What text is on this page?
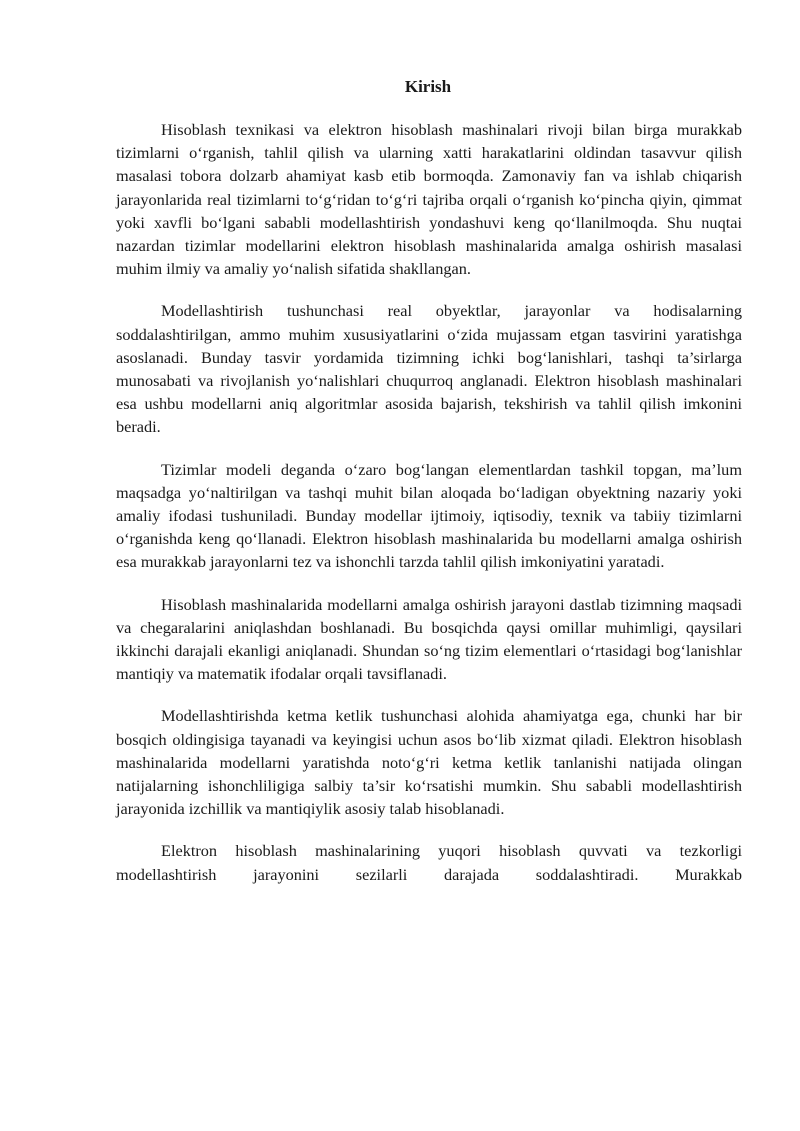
Kirish

Hisoblash texnikasi va elektron hisoblash mashinalari rivoji bilan birga murakkab tizimlarni o‘rganish, tahlil qilish va ularning xatti harakatlarini oldindan tasavvur qilish masalasi tobora dolzarb ahamiyat kasb etib bormoqda. Zamonaviy fan va ishlab chiqarish jarayonlarida real tizimlarni to‘g‘ridan to‘g‘ri tajriba orqali o‘rganish ko‘pincha qiyin, qimmat yoki xavfli bo‘lgani sababli modellashtirish yondashuvi keng qo‘llanilmoqda. Shu nuqtai nazardan tizimlar modellarini elektron hisoblash mashinalarida amalga oshirish masalasi muhim ilmiy va amaliy yo‘nalish sifatida shakllangan.

Modellashtirish tushunchasi real obyektlar, jarayonlar va hodisalarning soddalashtirilgan, ammo muhim xususiyatlarini o‘zida mujassam etgan tasvirini yaratishga asoslanadi. Bunday tasvir yordamida tizimning ichki bog‘lanishlari, tashqi ta’sirlarga munosabati va rivojlanish yo‘nalishlari chuqurroq anglanadi. Elektron hisoblash mashinalari esa ushbu modellarni aniq algoritmlar asosida bajarish, tekshirish va tahlil qilish imkonini beradi.

Tizimlar modeli deganda o‘zaro bog‘langan elementlardan tashkil topgan, ma’lum maqsadga yo‘naltirilgan va tashqi muhit bilan aloqada bo‘ladigan obyektning nazariy yoki amaliy ifodasi tushuniladi. Bunday modellar ijtimoiy, iqtisodiy, texnik va tabiiy tizimlarni o‘rganishda keng qo‘llanadi. Elektron hisoblash mashinalarida bu modellarni amalga oshirish esa murakkab jarayonlarni tez va ishonchli tarzda tahlil qilish imkoniyatini yaratadi.

Hisoblash mashinalarida modellarni amalga oshirish jarayoni dastlab tizimning maqsadi va chegaralarini aniqlashdan boshlanadi. Bu bosqichda qaysi omillar muhimligi, qaysilari ikkinchi darajali ekanligi aniqlanadi. Shundan so‘ng tizim elementlari o‘rtasidagi bog‘lanishlar mantiqiy va matematik ifodalar orqali tavsiflanadi.

Modellashtirishda ketma ketlik tushunchasi alohida ahamiyatga ega, chunki har bir bosqich oldingisiga tayanadi va keyingisi uchun asos bo‘lib xizmat qiladi. Elektron hisoblash mashinalarida modellarni yaratishda noto‘g‘ri ketma ketlik tanlanishi natijada olingan natijalarning ishonchliligiga salbiy ta’sir ko‘rsatishi mumkin. Shu sababli modellashtirish jarayonida izchillik va mantiqiylik asosiy talab hisoblanadi.

Elektron hisoblash mashinalarining yuqori hisoblash quvvati va tezkorligi modellashtirish jarayonini sezilarli darajada soddalashtiradi. Murakkab
